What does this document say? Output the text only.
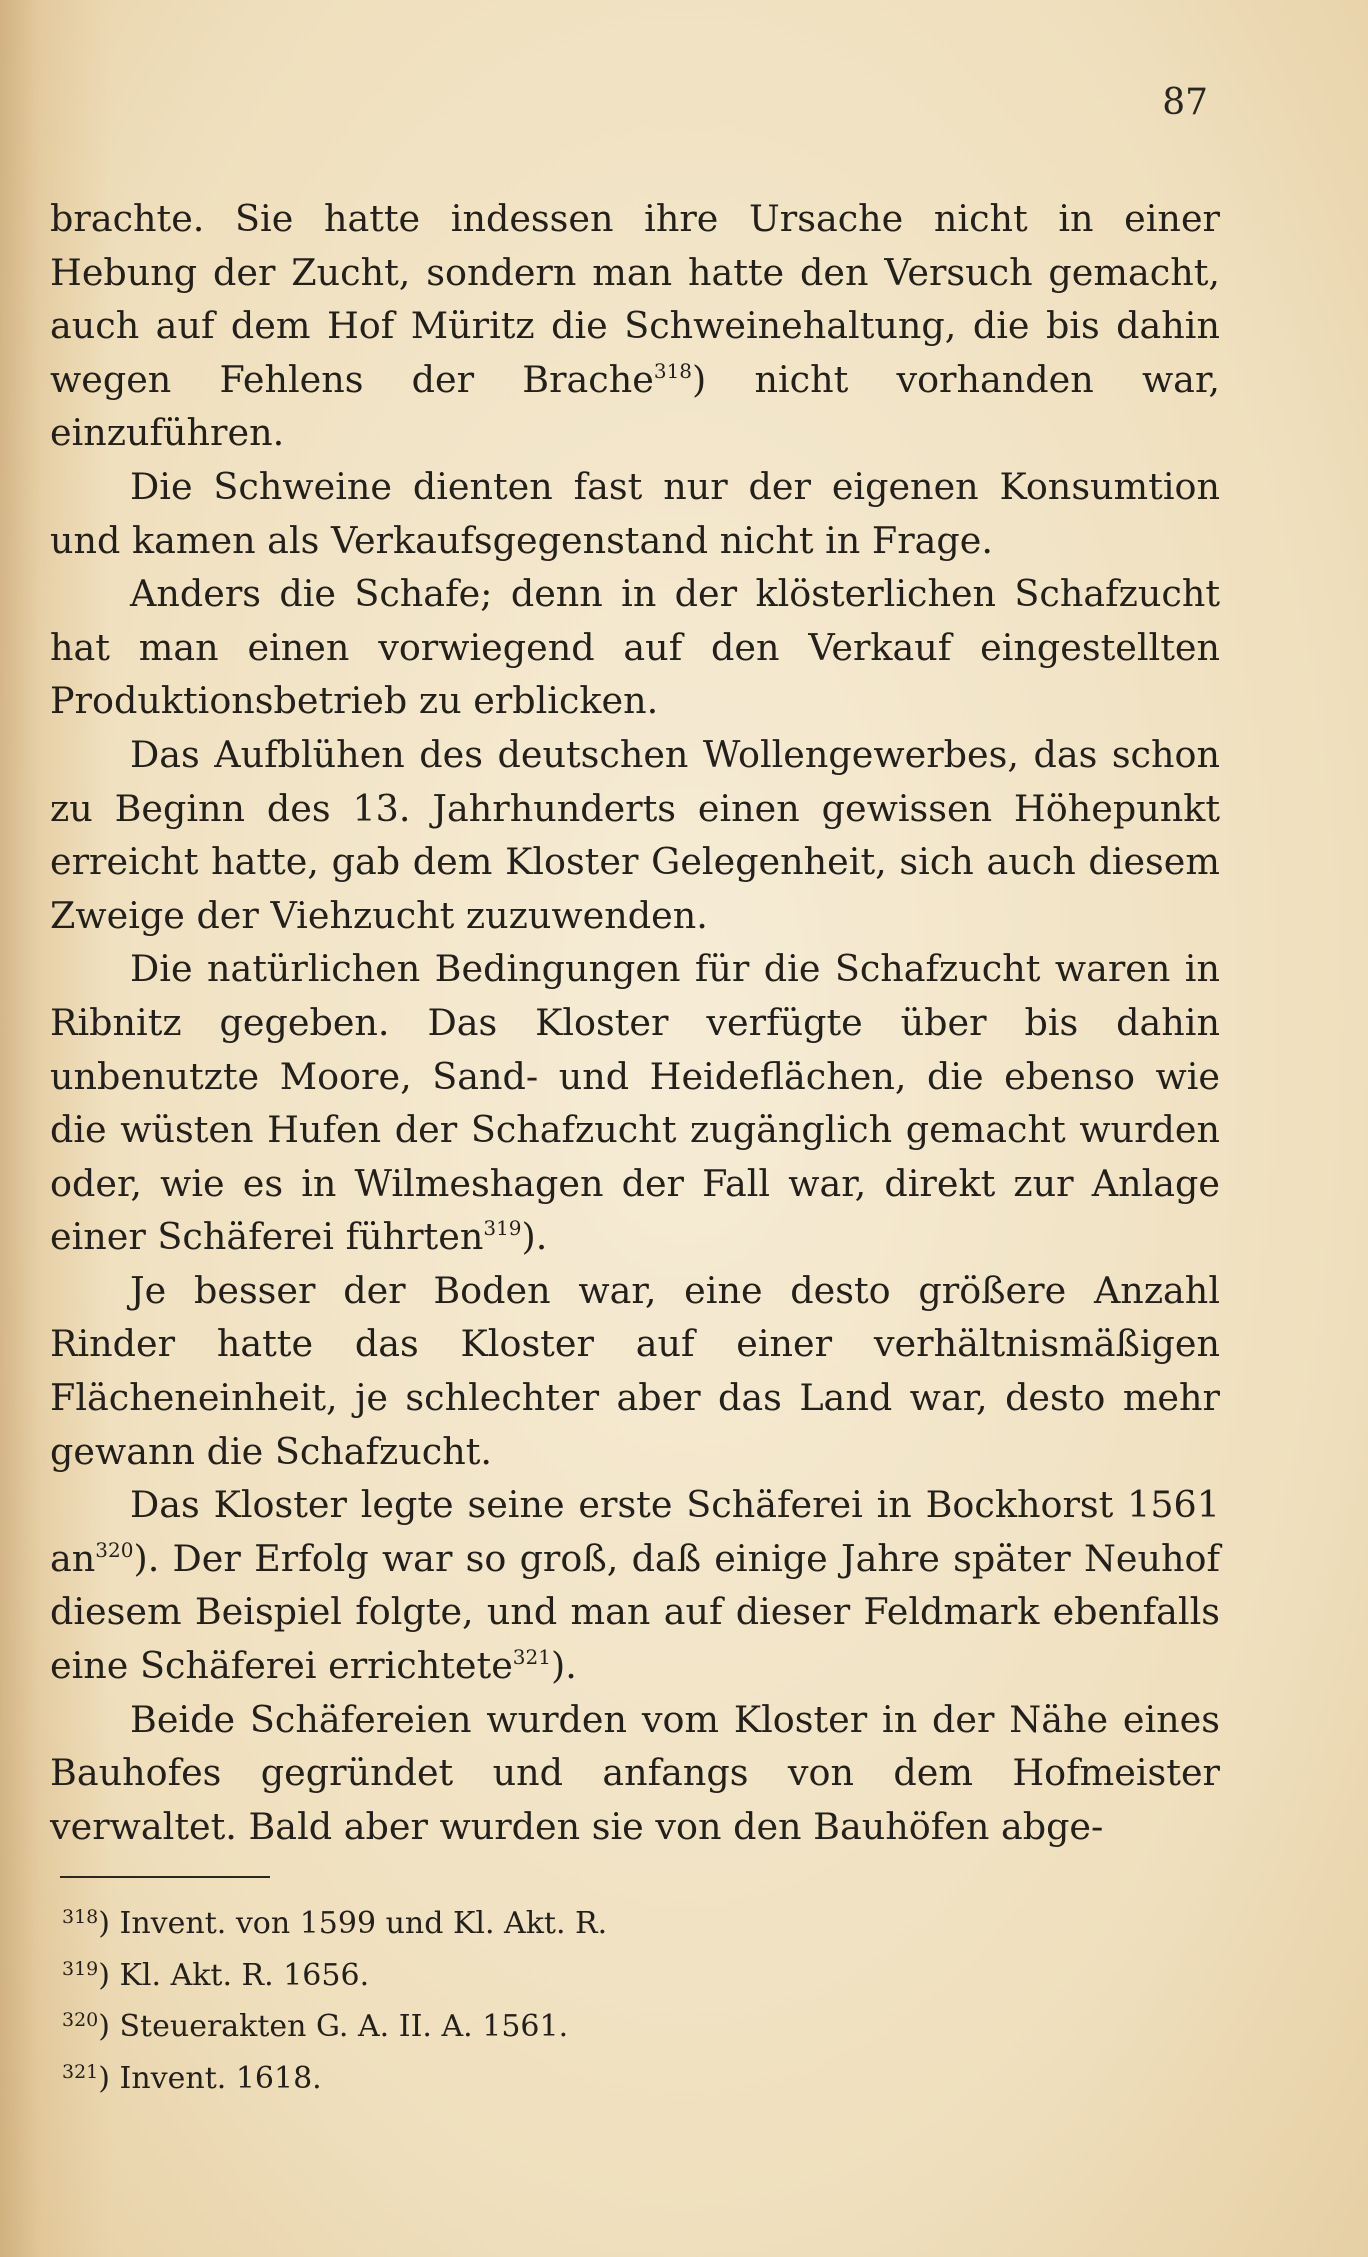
87

brachte. Sie hatte indessen ihre Ursache nicht in einer Hebung der Zucht, sondern man hatte den Versuch gemacht, auch auf dem Hof Müritz die Schweinehaltung, die bis dahin wegen Fehlens der Brache$^{318}$) nicht vorhanden war, einzuführen.

Die Schweine dienten fast nur der eigenen Konsumtion und kamen als Verkaufsgegenstand nicht in Frage.

Anders die Schafe; denn in der klösterlichen Schafzucht hat man einen vorwiegend auf den Verkauf eingestellten Produktionsbetrieb zu erblicken.

Das Aufblühen des deutschen Wollengewerbes, das schon zu Beginn des 13. Jahrhunderts einen gewissen Höhepunkt erreicht hatte, gab dem Kloster Gelegenheit, sich auch diesem Zweige der Viehzucht zuzuwenden.

Die natürlichen Bedingungen für die Schafzucht waren in Ribnitz gegeben. Das Kloster verfügte über bis dahin unbenutzte Moore, Sand- und Heideflächen, die ebenso wie die wüsten Hufen der Schafzucht zugänglich gemacht wurden oder, wie es in Wilmeshagen der Fall war, direkt zur Anlage einer Schäferei führten$^{319}$).

Je besser der Boden war, eine desto größere Anzahl Rinder hatte das Kloster auf einer verhältnismäßigen Flächeneinheit, je schlechter aber das Land war, desto mehr gewann die Schafzucht.

Das Kloster legte seine erste Schäferei in Bockhorst 1561 an$^{320}$). Der Erfolg war so groß, daß einige Jahre später Neuhof diesem Beispiel folgte, und man auf dieser Feldmark ebenfalls eine Schäferei errichtete$^{321}$).

Beide Schäfereien wurden vom Kloster in der Nähe eines Bauhofes gegründet und anfangs von dem Hofmeister verwaltet. Bald aber wurden sie von den Bauhöfen abge-

$^{318}$) Invent. von 1599 und Kl. Akt. R.

$^{319}$) Kl. Akt. R. 1656.

$^{320}$) Steuerakten G. A. II. A. 1561.

$^{321}$) Invent. 1618.
